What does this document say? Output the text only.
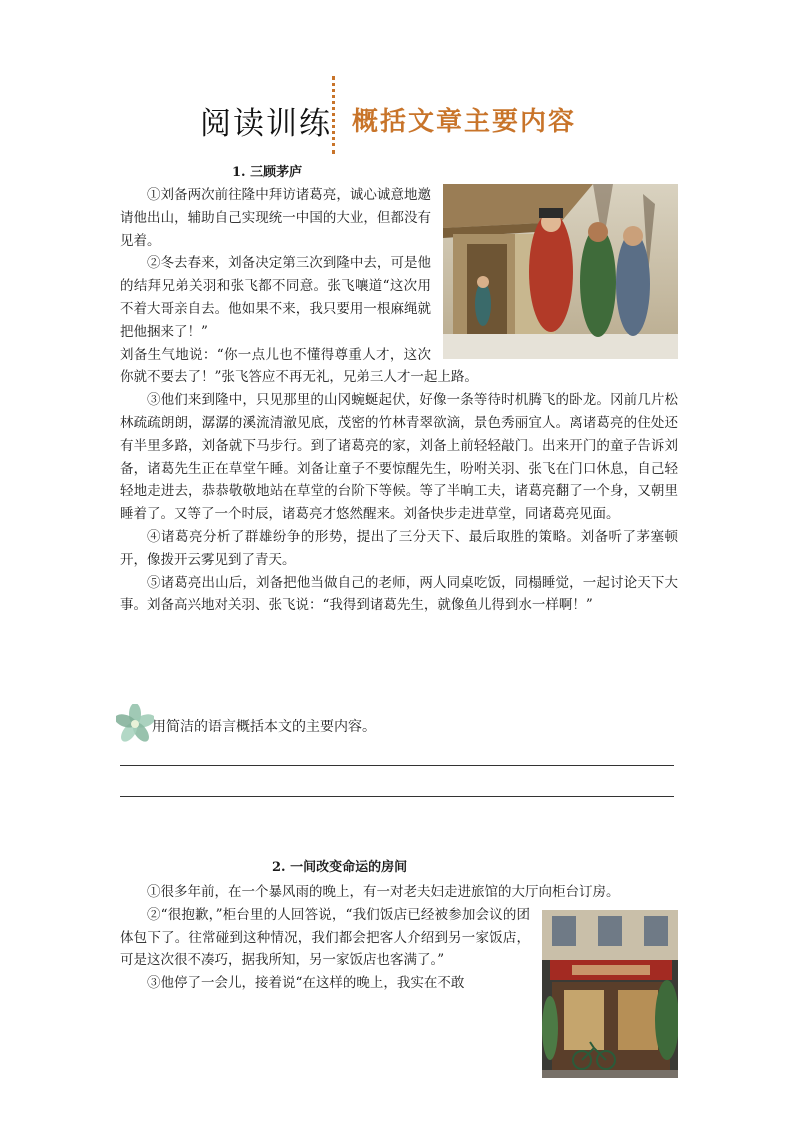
阅读训练 概括文章主要内容
1. 三顾茅庐

①刘备两次前往隆中拜访诸葛亮，诚心诚意地邀请他出山，辅助自己实现统一中国的大业，但都没有见着。

②冬去春来，刘备决定第三次到隆中去，可是他的结拜兄弟关羽和张飞都不同意。张飞嚷道“这次用不着大哥亲自去。他如果不来，我只要用一根麻绳就把他捆来了！”

刘备生气地说：“你一点儿也不懂得尊重人才，这次你就不要去了！”张飞答应不再无礼，兄弟三人才一起上路。

③他们来到隆中，只见那里的山冈蜿蜒起伏，好像一条等待时机腾飞的卧龙。冈前几片松林疏疏朗朗，潺潺的溪流清澈见底，茂密的竹林青翠欲滴，景色秀丽宜人。离诸葛亮的住处还有半里多路，刘备就下马步行。到了诸葛亮的家，刘备上前轻轻敲门。出来开门的童子告诉刘备，诸葛先生正在草堂午睡。刘备让童子不要惊醒先生，吩咐关羽、张飞在门口休息，自己轻轻地走进去，恭恭敬敬地站在草堂的台阶下等候。等了半晌工夫，诸葛亮翻了一个身，又朝里睡着了。又等了一个时辰，诸葛亮才悠然醒来。刘备快步走进草堂，同诸葛亮见面。

④诸葛亮分析了群雄纷争的形势，提出了三分天下、最后取胜的策略。刘备听了茅塞顿开，像拨开云雾见到了青天。

⑤诸葛亮出山后，刘备把他当做自己的老师，两人同桌吃饭，同榻睡觉，一起讨论天下大事。刘备高兴地对关羽、张飞说：“我得到诸葛先生，就像鱼儿得到水一样啊！”

用简洁的语言概括本文的主要内容。
2. 一间改变命运的房间

①很多年前，在一个暴风雨的晚上，有一对老夫妇走进旅馆的大厅向柜台订房。

②“很抱歉，”柜台里的人回答说，“我们饭店已经被参加会议的团体包下了。往常碰到这种情况，我们都会把客人介绍到另一家饭店，可是这次很不凑巧，据我所知，另一家饭店也客满了。”

③他停了一会儿，接着说“在这样的晚上，我实在不敢
